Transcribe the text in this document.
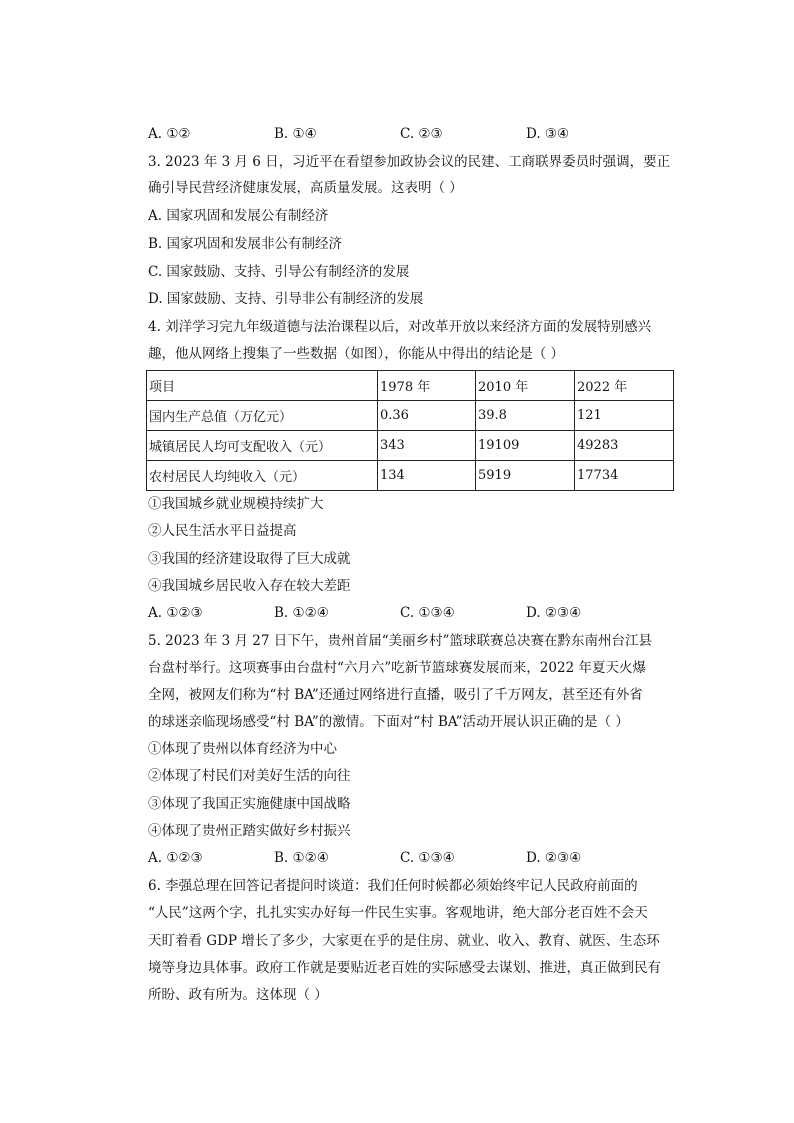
A. ①②	B. ①④	C. ②③	D. ③④
3. 2023 年 3 月 6 日，习近平在看望参加政协会议的民建、工商联界委员时强调，要正
确引导民营经济健康发展，高质量发展。这表明（ ）
A. 国家巩固和发展公有制经济
B. 国家巩固和发展非公有制经济
C. 国家鼓励、支持、引导公有制经济的发展
D. 国家鼓励、支持、引导非公有制经济的发展
4. 刘洋学习完九年级道德与法治课程以后，对改革开放以来经济方面的发展特别感兴
趣，他从网络上搜集了一些数据（如图），你能从中得出的结论是（ ）
项目	1978 年	2010 年	2022 年
国内生产总值（万亿元）	0.36	39.8	121
城镇居民人均可支配收入（元）	343	19109	49283
农村居民人均纯收入（元）	134	5919	17734
①我国城乡就业规模持续扩大
②人民生活水平日益提高
③我国的经济建设取得了巨大成就
④我国城乡居民收入存在较大差距
A. ①②③	B. ①②④	C. ①③④	D. ②③④
5. 2023 年 3 月 27 日下午，贵州首届“美丽乡村”篮球联赛总决赛在黔东南州台江县
台盘村举行。这项赛事由台盘村“六月六”吃新节篮球赛发展而来，2022 年夏天火爆
全网，被网友们称为“村 BA”还通过网络进行直播，吸引了千万网友，甚至还有外省
的球迷亲临现场感受“村 BA”的激情。下面对“村 BA”活动开展认识正确的是（ ）
①体现了贵州以体育经济为中心
②体现了村民们对美好生活的向往
③体现了我国正实施健康中国战略
④体现了贵州正踏实做好乡村振兴
A. ①②③	B. ①②④	C. ①③④	D. ②③④
6. 李强总理在回答记者提问时谈道：我们任何时候都必须始终牢记人民政府前面的
“人民”这两个字，扎扎实实办好每一件民生实事。客观地讲，绝大部分老百姓不会天
天盯着看 GDP 增长了多少，大家更在乎的是住房、就业、收入、教育、就医、生态环
境等身边具体事。政府工作就是要贴近老百姓的实际感受去谋划、推进，真正做到民有
所盼、政有所为。这体现（ ）
